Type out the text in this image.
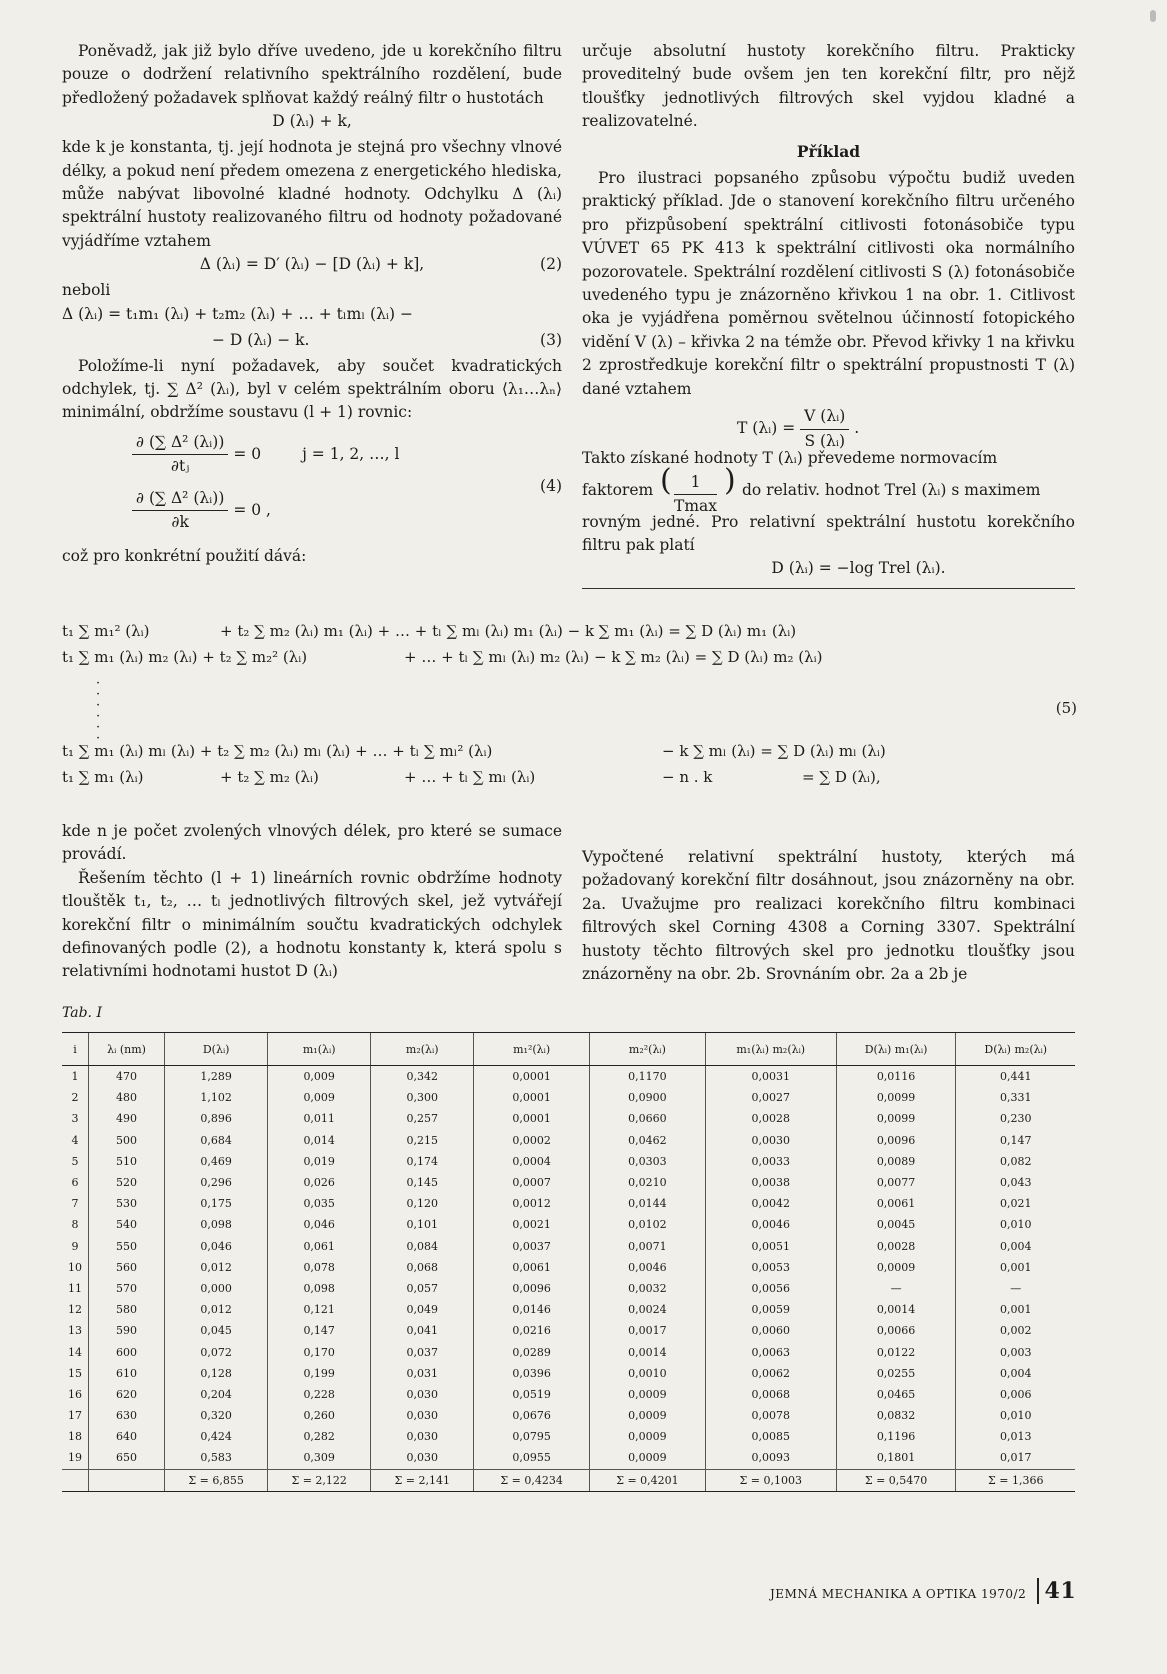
Poněvadž, jak již bylo dříve uvedeno, jde u korekčního filtru pouze o dodržení relativního spektrálního rozdělení, bude předložený požadavek splňovat každý reálný filtr o hustotách

D (λᵢ) + k,

kde k je konstanta, tj. její hodnota je stejná pro všechny vlnové délky, a pokud není předem omezena z energetického hlediska, může nabývat libovolné kladné hodnoty. Odchylku Δ (λᵢ) spektrální hustoty realizovaného filtru od hodnoty požadované vyjádříme vztahem

Δ (λᵢ) = D′ (λᵢ) − [D (λᵢ) + k],	(2)

neboli

Δ (λᵢ) = t₁m₁ (λᵢ) + t₂m₂ (λᵢ) + … + tₗmₗ (λᵢ) −
− D (λᵢ) − k.	(3)

Položíme-li nyní požadavek, aby součet kvadratických odchylek, tj. ∑ Δ² (λᵢ), byl v celém spektrálním oboru ⟨λ₁…λₙ⟩ minimální, obdržíme soustavu (l + 1) rovnic:

$\frac{\text{∂ (∑ Δ² (λᵢ))}}{\text{∂tⱼ}} = 0$	j = 1, 2, …, l
$\frac{\text{∂ (∑ Δ² (λᵢ))}}{\partial k} = 0$ ,
(4)

což pro konkrétní použití dává:

určuje absolutní hustoty korekčního filtru. Prakticky proveditelný bude ovšem jen ten korekční filtr, pro nějž tloušťky jednotlivých filtrových skel vyjdou kladné a realizovatelné.

Příklad

Pro ilustraci popsaného způsobu výpočtu budiž uveden praktický příklad. Jde o stanovení korekčního filtru určeného pro přizpůsobení spektrální citlivosti fotonásobiče typu VÚVET 65 PK 413 k spektrální citlivosti oka normálního pozorovatele. Spektrální rozdělení citlivosti S (λ) fotonásobiče uvedeného typu je znázorněno křivkou 1 na obr. 1. Citlivost oka je vyjádřena poměrnou světelnou účinností fotopického vidění V (λ) – křivka 2 na témže obr. Převod křivky 1 na křivku 2 zprostředkuje korekční filtr o spektrální propustnosti T (λ) dané vztahem

T (λᵢ) = $\frac{\text{V (λᵢ)}}{\text{S (λᵢ)}}$ .

Takto získané hodnoty T (λᵢ) převedeme normovacím

faktorem (	1
Tmax
) do relativ. hodnot Trel (λᵢ) s maximem

rovným jedné. Pro relativní spektrální hustotu korekčního filtru pak platí

D (λᵢ) = −log Trel (λᵢ).
t₁ ∑ m₁² (λᵢ)	+ t₂ ∑ m₂ (λᵢ) m₁ (λᵢ) + … + tₗ ∑ mₗ (λᵢ) m₁ (λᵢ) − k ∑ m₁ (λᵢ) = ∑ D (λᵢ) m₁ (λᵢ)
t₁ ∑ m₁ (λᵢ) m₂ (λᵢ) + t₂ ∑ m₂² (λᵢ)	+ … + tₗ ∑ mₗ (λᵢ) m₂ (λᵢ) − k ∑ m₂ (λᵢ) = ∑ D (λᵢ) m₂ (λᵢ)
·
·
·
·
·
·
(5)
t₁ ∑ m₁ (λᵢ) mₗ (λᵢ) + t₂ ∑ m₂ (λᵢ) mₗ (λᵢ) + … + tₗ ∑ mₗ² (λᵢ)	− k ∑ mₗ (λᵢ) = ∑ D (λᵢ) mₗ (λᵢ)
t₁ ∑ m₁ (λᵢ)	+ t₂ ∑ m₂ (λᵢ)	+ … + tₗ ∑ mₗ (λᵢ)	− n . k	= ∑ D (λᵢ),

kde n je počet zvolených vlnových délek, pro které se sumace provádí.

Řešením těchto (l + 1) lineárních rovnic obdržíme hodnoty tlouštěk t₁, t₂, … tₗ jednotlivých filtrových skel, jež vytvářejí korekční filtr o minimálním součtu kvadratických odchylek definovaných podle (2), a hodnotu konstanty k, která spolu s relativními hodnotami hustot D (λᵢ)

Vypočtené relativní spektrální hustoty, kterých má požadovaný korekční filtr dosáhnout, jsou znázorněny na obr. 2a. Uvažujme pro realizaci korekčního filtru kombinaci filtrových skel Corning 4308 a Corning 3307. Spektrální hustoty těchto filtrových skel pro jednotku tloušťky jsou znázorněny na obr. 2b. Srovnáním obr. 2a a 2b je

Tab. I
i	λᵢ (nm)	D(λᵢ)	m₁(λᵢ)	m₂(λᵢ)	m₁²(λᵢ)	m₂²(λᵢ)	m₁(λᵢ) m₂(λᵢ)	D(λᵢ) m₁(λᵢ)	D(λᵢ) m₂(λᵢ)
1	470	1,289	0,009	0,342	0,0001	0,1170	0,0031	0,0116	0,441
2	480	1,102	0,009	0,300	0,0001	0,0900	0,0027	0,0099	0,331
3	490	0,896	0,011	0,257	0,0001	0,0660	0,0028	0,0099	0,230
4	500	0,684	0,014	0,215	0,0002	0,0462	0,0030	0,0096	0,147
5	510	0,469	0,019	0,174	0,0004	0,0303	0,0033	0,0089	0,082
6	520	0,296	0,026	0,145	0,0007	0,0210	0,0038	0,0077	0,043
7	530	0,175	0,035	0,120	0,0012	0,0144	0,0042	0,0061	0,021
8	540	0,098	0,046	0,101	0,0021	0,0102	0,0046	0,0045	0,010
9	550	0,046	0,061	0,084	0,0037	0,0071	0,0051	0,0028	0,004
10	560	0,012	0,078	0,068	0,0061	0,0046	0,0053	0,0009	0,001
11	570	0,000	0,098	0,057	0,0096	0,0032	0,0056	—	—
12	580	0,012	0,121	0,049	0,0146	0,0024	0,0059	0,0014	0,001
13	590	0,045	0,147	0,041	0,0216	0,0017	0,0060	0,0066	0,002
14	600	0,072	0,170	0,037	0,0289	0,0014	0,0063	0,0122	0,003
15	610	0,128	0,199	0,031	0,0396	0,0010	0,0062	0,0255	0,004
16	620	0,204	0,228	0,030	0,0519	0,0009	0,0068	0,0465	0,006
17	630	0,320	0,260	0,030	0,0676	0,0009	0,0078	0,0832	0,010
18	640	0,424	0,282	0,030	0,0795	0,0009	0,0085	0,1196	0,013
19	650	0,583	0,309	0,030	0,0955	0,0009	0,0093	0,1801	0,017
		Σ = 6,855	Σ = 2,122	Σ = 2,141	Σ = 0,4234	Σ = 0,4201	Σ = 0,1003	Σ = 0,5470	Σ = 1,366
JEMNÁ MECHANIKA A OPTIKA 1970/2 41
